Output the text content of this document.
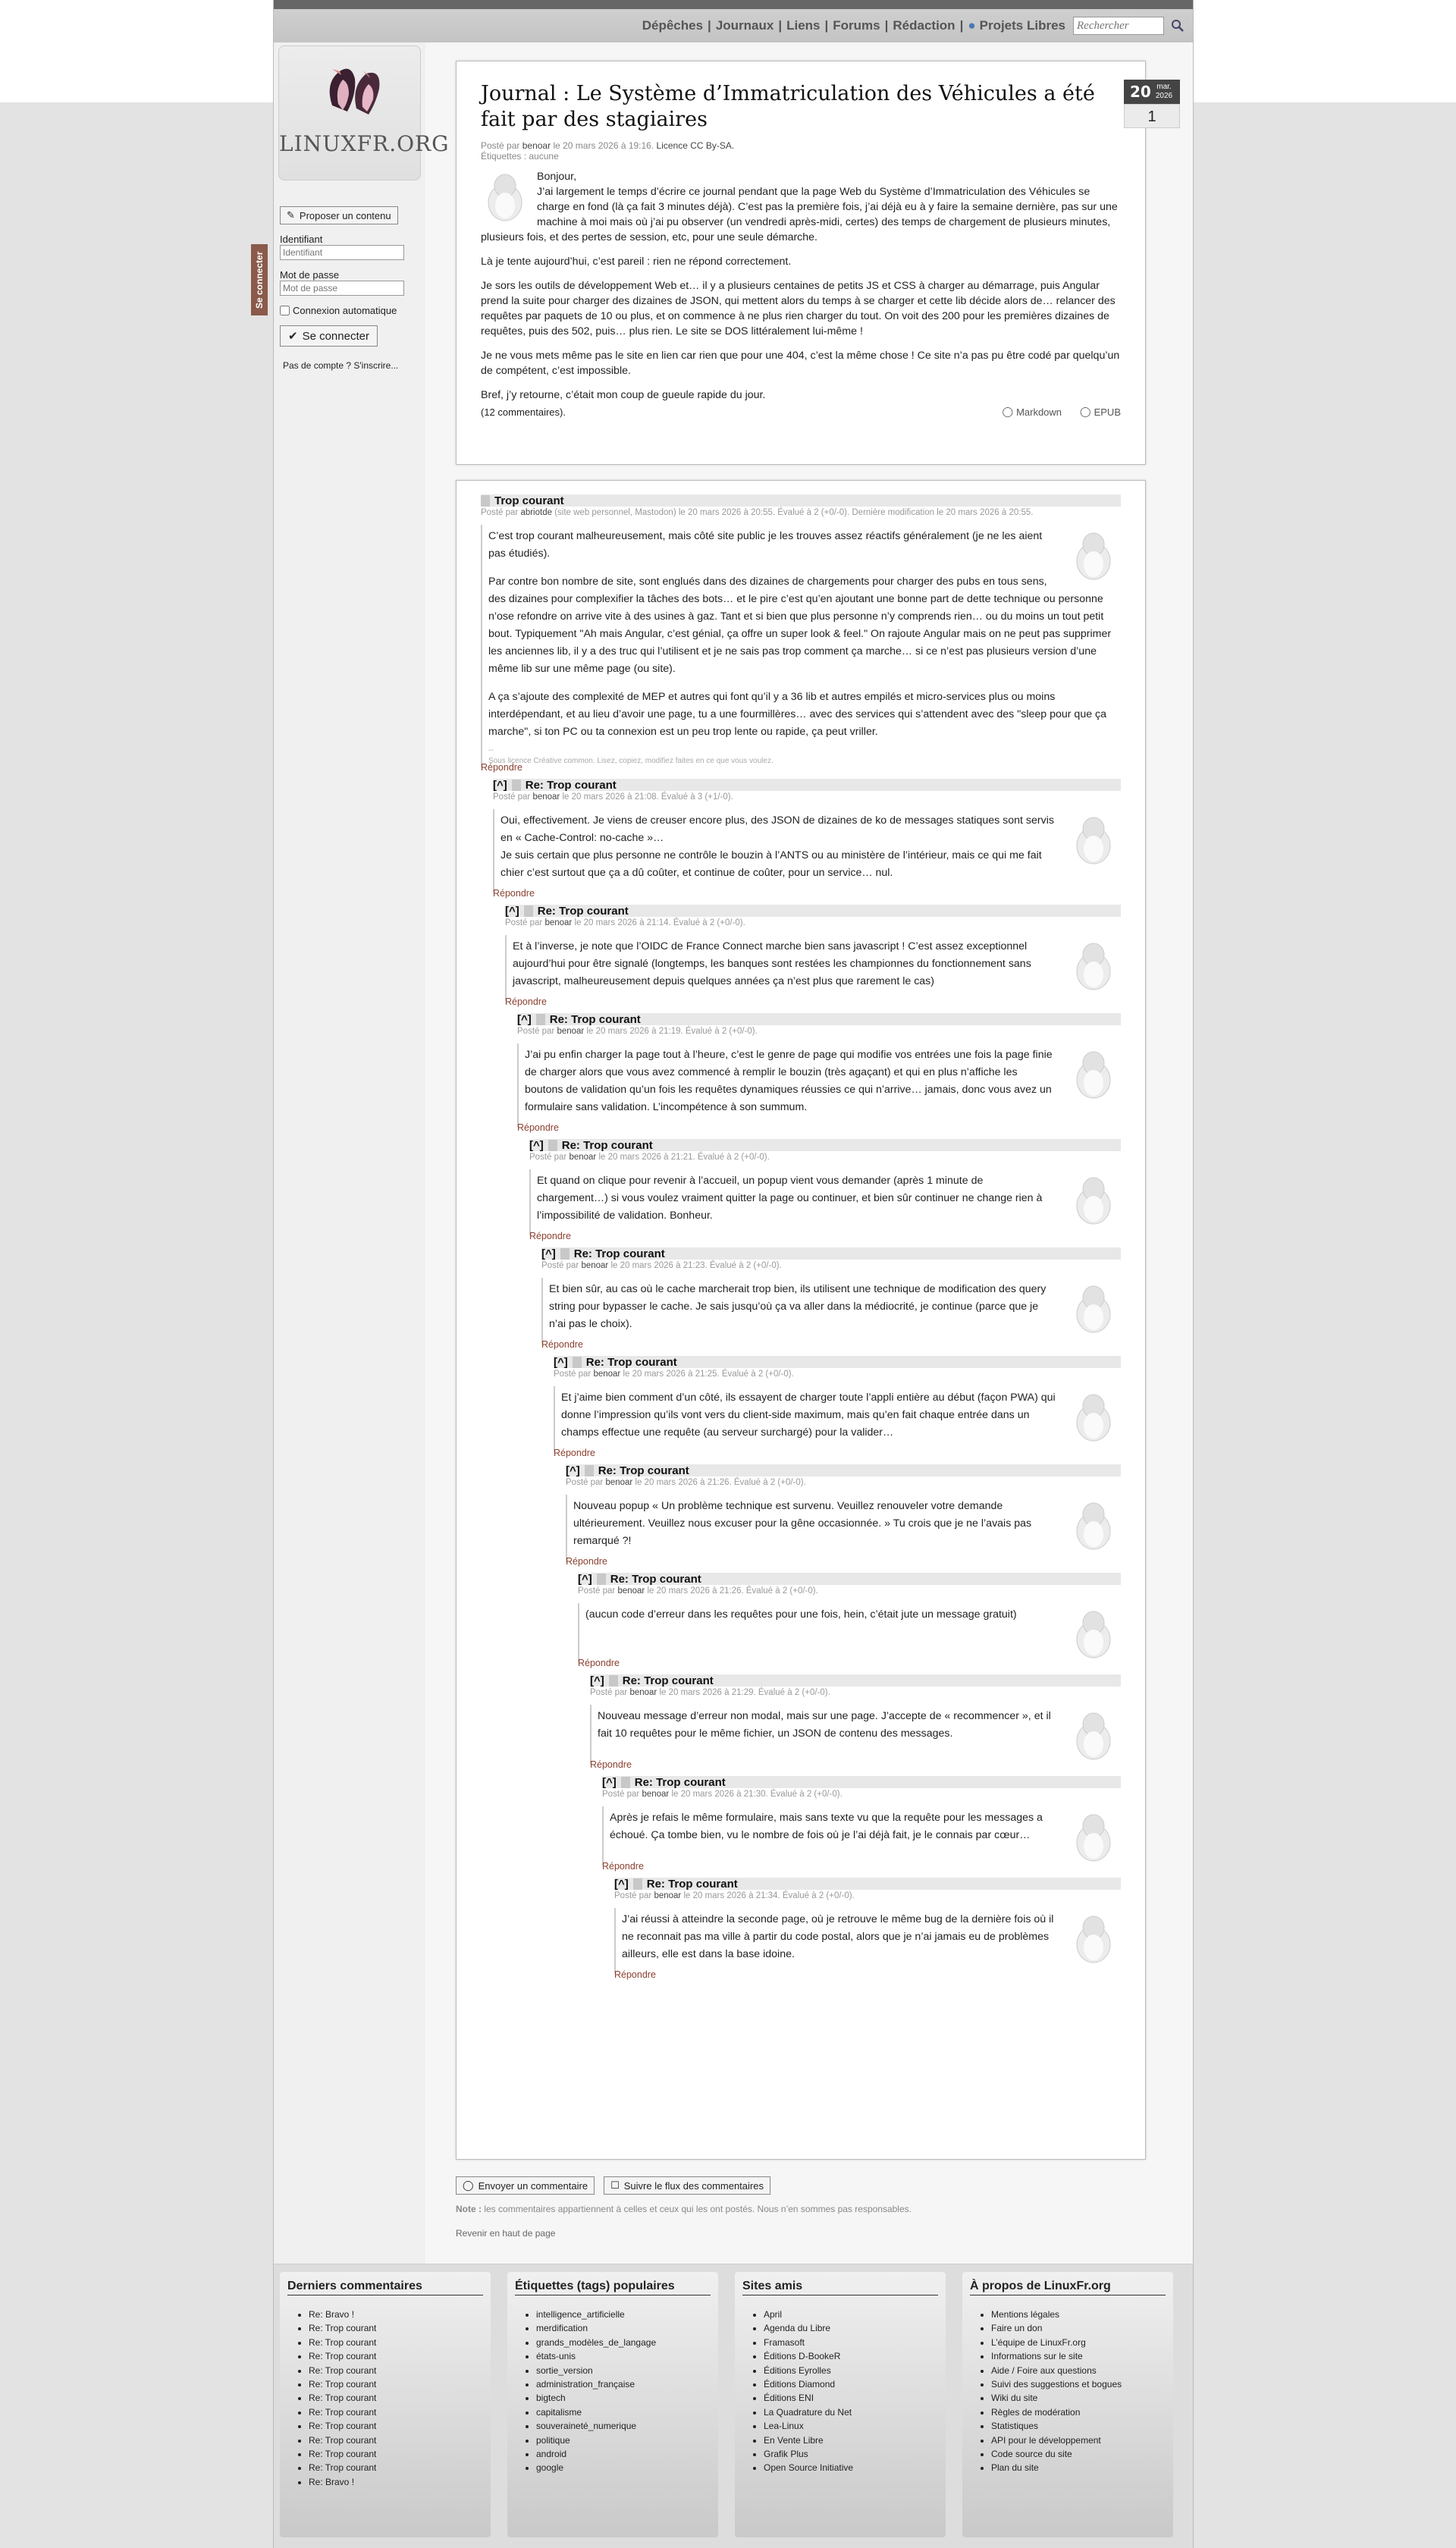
Dépêches | Journaux | Liens | Forums | Rédaction | ● Projets Libres
Rechercher
LINUXFR.ORG
Se connecter
✎ Proposer un contenu
Identifiant
Identifiant
Mot de passe
Mot de passe
Connexion automatique
✔ Se connecter
Pas de compte ? S'inscrire...
20 mar.
2026
1
Journal : Le Système d’Immatriculation des Véhicules a été fait par des stagiaires
Posté par benoar le 20 mars 2026 à 19:16. Licence CC By-SA.
Étiquettes : aucune

Bonjour,

J’ai largement le temps d’écrire ce journal pendant que la page Web du Système d’Immatriculation des Véhicules se charge en fond (là ça fait 3 minutes déjà). C’est pas la première fois, j’ai déjà eu à y faire la semaine dernière, pas sur une machine à moi mais où j’ai pu observer (un vendredi après-midi, certes) des temps de chargement de plusieurs minutes, plusieurs fois, et des pertes de session, etc, pour une seule démarche.

Là je tente aujourd’hui, c’est pareil : rien ne répond correctement.

Je sors les outils de développement Web et… il y a plusieurs centaines de petits JS et CSS à charger au démarrage, puis Angular prend la suite pour charger des dizaines de JSON, qui mettent alors du temps à se charger et cette lib décide alors de… relancer des requêtes par paquets de 10 ou plus, et on commence à ne plus rien charger du tout. On voit des 200 pour les premières dizaines de requêtes, puis des 502, puis… plus rien. Le site se DOS littéralement lui-même !

Je ne vous mets même pas le site en lien car rien que pour une 404, c’est la même chose ! Ce site n’a pas pu être codé par quelqu’un de compétent, c’est impossible.

Bref, j’y retourne, c’était mon coup de gueule rapide du jour.

(12 commentaires).	◯ Markdown ◯ EPUB
Trop courant
Posté par abriotde (site web personnel, Mastodon) le 20 mars 2026 à 20:55. Évalué à 2 (+0/-0). Dernière modification le 20 mars 2026 à 20:55.

C’est trop courant malheureusement, mais côté site public je les trouves assez réactifs généralement (je ne les aient pas étudiés).

Par contre bon nombre de site, sont englués dans des dizaines de chargements pour charger des pubs en tous sens, des dizaines pour complexifier la tâches des bots… et le pire c’est qu’en ajoutant une bonne part de dette technique ou personne n’ose refondre on arrive vite à des usines à gaz. Tant et si bien que plus personne n’y comprends rien… ou du moins un tout petit bout. Typiquement "Ah mais Angular, c’est génial, ça offre un super look & feel." On rajoute Angular mais on ne peut pas supprimer les anciennes lib, il y a des truc qui l’utilisent et je ne sais pas trop comment ça marche… si ce n’est pas plusieurs version d’une même lib sur une même page (ou site).

A ça s’ajoute des complexité de MEP et autres qui font qu’il y a 36 lib et autres empilés et micro-services plus ou moins interdépendant, et au lieu d’avoir une page, tu a une fourmillères… avec des services qui s’attendent avec des "sleep pour que ça marche", si ton PC ou ta connexion est un peu trop lente ou rapide, ça peut vriller.

--
Sous licence Créative common. Lisez, copiez, modifiez faites en ce que vous voulez.
Répondre
[^] Re: Trop courant
Posté par benoar le 20 mars 2026 à 21:08. Évalué à 3 (+1/-0).

Oui, effectivement. Je viens de creuser encore plus, des JSON de dizaines de ko de messages statiques sont servis en « Cache-Control: no-cache »…
Je suis certain que plus personne ne contrôle le bouzin à l’ANTS ou au ministère de l’intérieur, mais ce qui me fait chier c’est surtout que ça a dû coûter, et continue de coûter, pour un service… nul.

Répondre
[^] Re: Trop courant
Posté par benoar le 20 mars 2026 à 21:14. Évalué à 2 (+0/-0).

Et à l’inverse, je note que l’OIDC de France Connect marche bien sans javascript ! C’est assez exceptionnel aujourd’hui pour être signalé (longtemps, les banques sont restées les championnes du fonctionnement sans javascript, malheureusement depuis quelques années ça n’est plus que rarement le cas)

Répondre
[^] Re: Trop courant
Posté par benoar le 20 mars 2026 à 21:19. Évalué à 2 (+0/-0).

J’ai pu enfin charger la page tout à l’heure, c’est le genre de page qui modifie vos entrées une fois la page finie de charger alors que vous avez commencé à remplir le bouzin (très agaçant) et qui en plus n’affiche les boutons de validation qu’un fois les requêtes dynamiques réussies ce qui n’arrive… jamais, donc vous avez un formulaire sans validation. L’incompétence à son summum.

Répondre
[^] Re: Trop courant
Posté par benoar le 20 mars 2026 à 21:21. Évalué à 2 (+0/-0).

Et quand on clique pour revenir à l’accueil, un popup vient vous demander (après 1 minute de chargement…) si vous voulez vraiment quitter la page ou continuer, et bien sûr continuer ne change rien à l’impossibilité de validation. Bonheur.

Répondre
[^] Re: Trop courant
Posté par benoar le 20 mars 2026 à 21:23. Évalué à 2 (+0/-0).

Et bien sûr, au cas où le cache marcherait trop bien, ils utilisent une technique de modification des query string pour bypasser le cache. Je sais jusqu’où ça va aller dans la médiocrité, je continue (parce que je n’ai pas le choix).

Répondre
[^] Re: Trop courant
Posté par benoar le 20 mars 2026 à 21:25. Évalué à 2 (+0/-0).

Et j’aime bien comment d’un côté, ils essayent de charger toute l’appli entière au début (façon PWA) qui donne l’impression qu’ils vont vers du client-side maximum, mais qu’en fait chaque entrée dans un champs effectue une requête (au serveur surchargé) pour la valider…

Répondre
[^] Re: Trop courant
Posté par benoar le 20 mars 2026 à 21:26. Évalué à 2 (+0/-0).

Nouveau popup « Un problème technique est survenu. Veuillez renouveler votre demande ultérieurement. Veuillez nous excuser pour la gêne occasionnée. » Tu crois que je ne l’avais pas remarqué ?!

Répondre
[^] Re: Trop courant
Posté par benoar le 20 mars 2026 à 21:26. Évalué à 2 (+0/-0).

(aucun code d’erreur dans les requêtes pour une fois, hein, c’était jute un message gratuit)

Répondre
[^] Re: Trop courant
Posté par benoar le 20 mars 2026 à 21:29. Évalué à 2 (+0/-0).

Nouveau message d’erreur non modal, mais sur une page. J’accepte de « recommencer », et il fait 10 requêtes pour le même fichier, un JSON de contenu des messages.

Répondre
[^] Re: Trop courant
Posté par benoar le 20 mars 2026 à 21:30. Évalué à 2 (+0/-0).

Après je refais le même formulaire, mais sans texte vu que la requête pour les messages a échoué. Ça tombe bien, vu le nombre de fois où je l’ai déjà fait, je le connais par cœur…

Répondre
[^] Re: Trop courant
Posté par benoar le 20 mars 2026 à 21:34. Évalué à 2 (+0/-0).

J’ai réussi à atteindre la seconde page, où je retrouve le même bug de la dernière fois où il ne reconnait pas ma ville à partir du code postal, alors que je n’ai jamais eu de problèmes ailleurs, elle est dans la base idoine.

Répondre
◯ Envoyer un commentaire ☐ Suivre le flux des commentaires
Note : les commentaires appartiennent à celles et ceux qui les ont postés. Nous n’en sommes pas responsables.
Revenir en haut de page
Derniers commentaires
• Re: Bravo !
• Re: Trop courant
• Re: Trop courant
• Re: Trop courant
• Re: Trop courant
• Re: Trop courant
• Re: Trop courant
• Re: Trop courant
• Re: Trop courant
• Re: Trop courant
• Re: Trop courant
• Re: Trop courant
• Re: Bravo !
Étiquettes (tags) populaires
• intelligence_artificielle
• merdification
• grands_modèles_de_langage
• états-unis
• sortie_version
• administration_française
• bigtech
• capitalisme
• souveraineté_numerique
• politique
• android
• google
Sites amis
• April
• Agenda du Libre
• Framasoft
• Éditions D-BookeR
• Éditions Eyrolles
• Éditions Diamond
• Éditions ENI
• La Quadrature du Net
• Lea-Linux
• En Vente Libre
• Grafik Plus
• Open Source Initiative
À propos de LinuxFr.org
• Mentions légales
• Faire un don
• L’équipe de LinuxFr.org
• Informations sur le site
• Aide / Foire aux questions
• Suivi des suggestions et bogues
• Wiki du site
• Règles de modération
• Statistiques
• API pour le développement
• Code source du site
• Plan du site
